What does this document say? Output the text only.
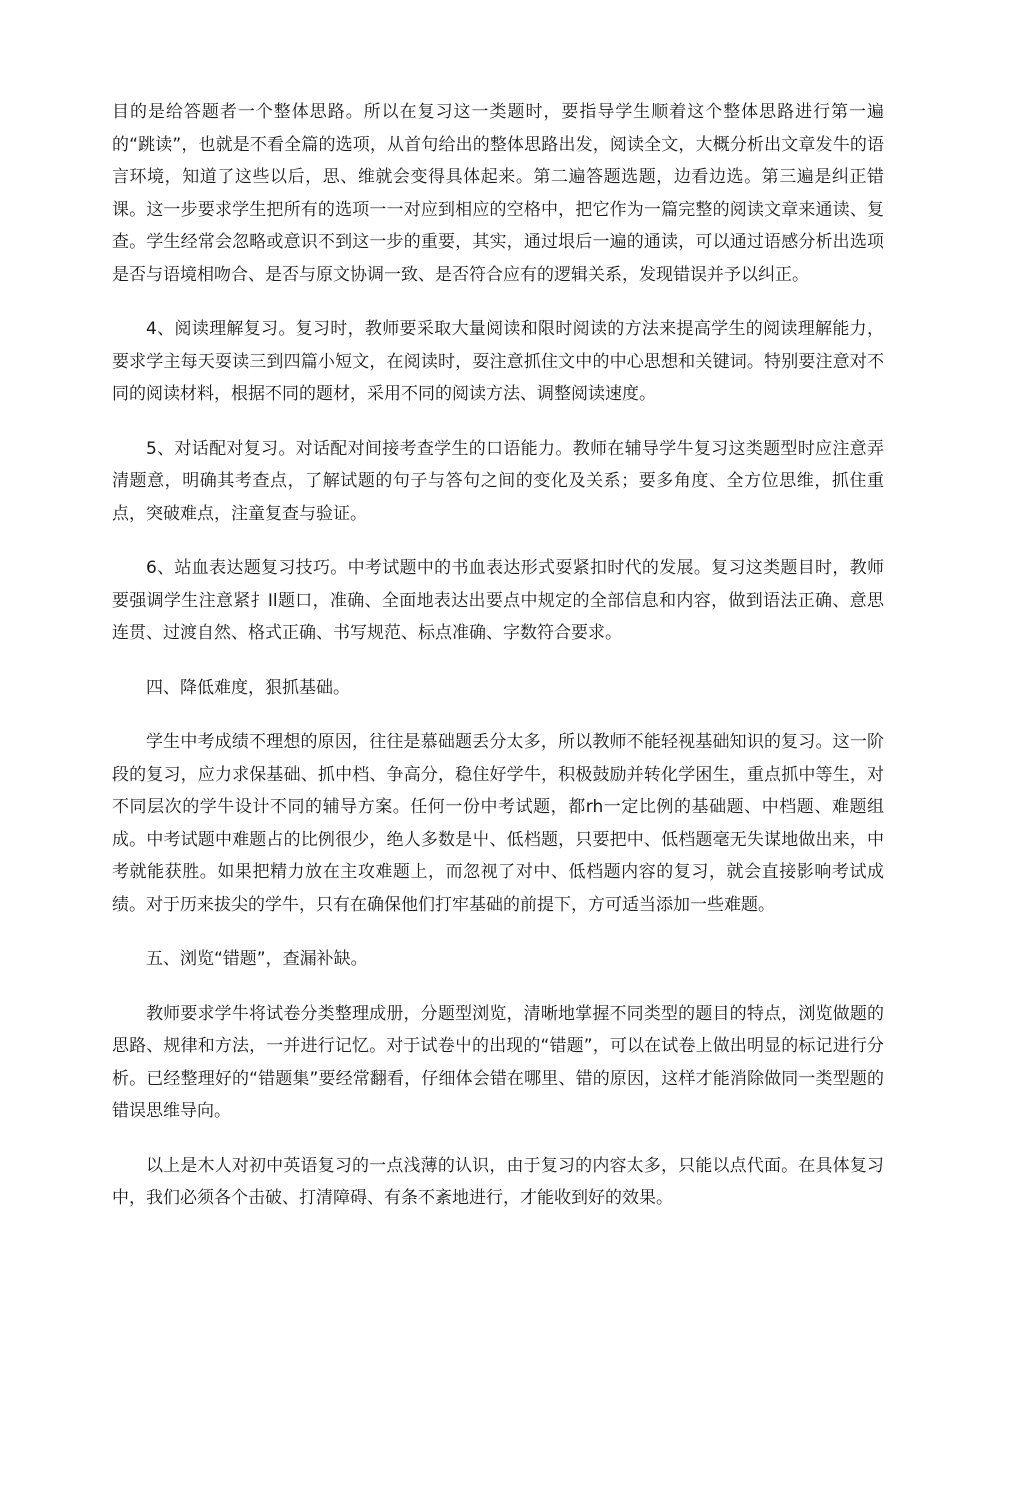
目的是给答题者一个整体思路。所以在复习这一类题时，要指导学生顺着这个整体思路进行第一遍的“跳读”，也就是不看全篇的选项，从首句给出的整体思路出发，阅读全文，大概分析出文章发牛的语言环境，知道了这些以后，思、维就会变得具体起来。第二遍答题选题，边看边选。第三遍是纠正错课。这一步要求学生把所有的选项一一对应到相应的空格中，把它作为一篇完整的阅读文章来通读、复查。学生经常会忽略或意识不到这一步的重要，其实，通过垠后一遍的通读，可以通过语感分析出选项是否与语境相吻合、是否与原文协调一致、是否符合应有的逻辑关系，发现错误并予以纠正。

4、阅读理解复习。复习时，教师要采取大量阅读和限时阅读的方法来提高学生的阅读理解能力，要求学主每天耍读三到四篇小短文，在阅读时，耍注意抓住文中的中心思想和关键词。特别要注意对不同的阅读材料，根据不同的题材，采用不同的阅读方法、调整阅读速度。

5、对话配对复习。对话配对间接考查学生的口语能力。教师在辅导学牛复习这类题型时应注意弄清题意，明确其考查点，了解试题的句子与答句之间的变化及关系；要多角度、全方位思维，抓住重点，突破难点，注童复查与验证。

6、站血表达题复习技巧。中考试题中的书血表达形式耍紧扣时代的发展。复习这类题目时，教师要强调学生注意紧扌Il题口，准确、全面地表达出要点中规定的全部信息和内容，做到语法正确、意思连贯、过渡自然、格式正确、书写规范、标点准确、字数符合要求。

四、降低难度，狠抓基础。

学生中考成绩不理想的原因，往往是慕础题丢分太多，所以教师不能轻视基础知识的复习。这一阶段的复习，应力求保基础、抓中档、争高分，稳住好学牛，积极鼓励并转化学困生，重点抓中等生，对不同层次的学牛设计不同的辅导方案。任何一份中考试题，都rh一定比例的基础题、中档题、难题组成。中考试题中难题占的比例很少，绝人多数是屮、低档题，只要把中、低档题毫无失谋地做出来，中考就能获胜。如果把精力放在主攻难题上，而忽视了对中、低档题内容的复习，就会直接影响考试成绩。对于历来拔尖的学牛，只有在确保他们打牢基础的前提下，方可适当添加一些难题。

五、浏览“错题”，查漏补缺。

教师要求学牛将试卷分类整理成册，分题型浏览，清晰地掌握不同类型的题目的特点，浏览做题的思路、规律和方法，一并进行记忆。对于试卷屮的出现的“错题”，可以在试卷上做出明显的标记进行分析。已经整理好的“错题集”要经常翻看，仔细体会错在哪里、错的原因，这样才能消除做同一类型题的错误思维导向。

以上是木人对初中英语复习的一点浅薄的认识，由于复习的内容太多，只能以点代面。在具体复习中，我们必须各个击破、打清障碍、有条不紊地进行，才能收到好的效果。
